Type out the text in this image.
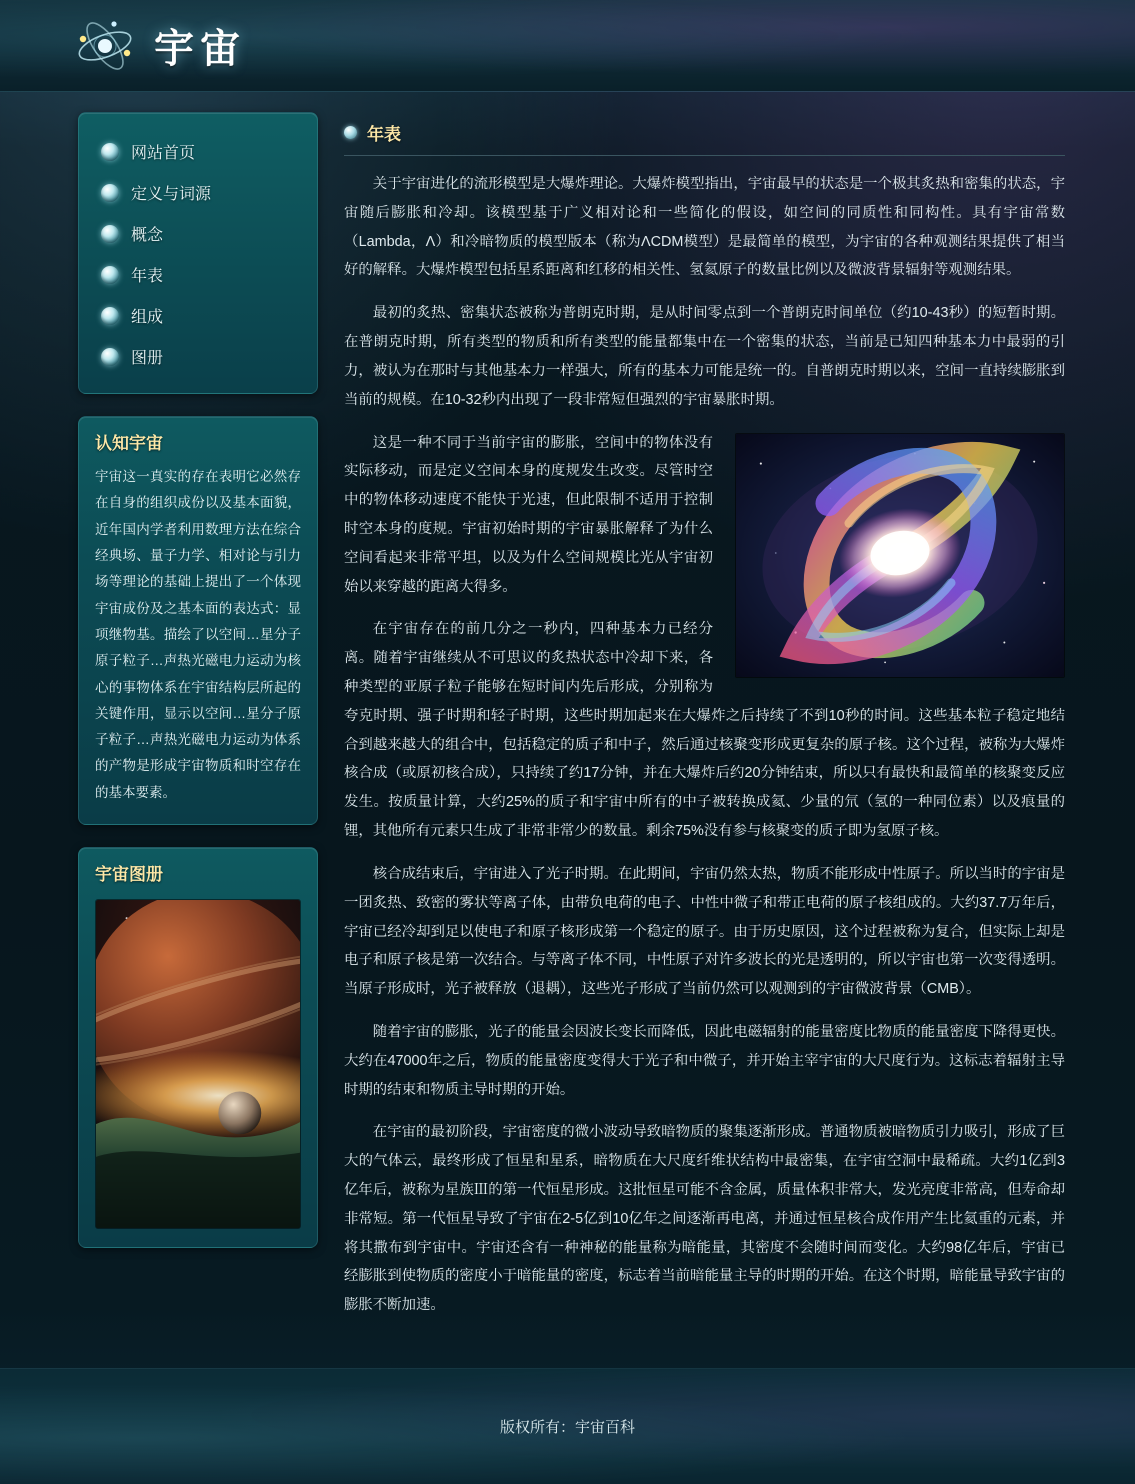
宇宙
网站首页
定义与词源
概念
年表
组成
图册
认知宇宙
宇宙这一真实的存在表明它必然存在自身的组织成份以及基本面貌，近年国内学者利用数理方法在综合经典场、量子力学、相对论与引力场等理论的基础上提出了一个体现宇宙成份及之基本面的表达式：显项继物基。描绘了以空间…星分子原子粒子…声热光磁电力运动为核心的事物体系在宇宙结构层所起的关键作用，显示以空间…星分子原子粒子…声热光磁电力运动为体系的产物是形成宇宙物质和时空存在的基本要素。
宇宙图册
年表

关于宇宙进化的流形模型是大爆炸理论。大爆炸模型指出，宇宙最早的状态是一个极其炙热和密集的状态，宇宙随后膨胀和冷却。该模型基于广义相对论和一些简化的假设，如空间的同质性和同构性。具有宇宙常数（Lambda，Λ）和冷暗物质的模型版本（称为ΛCDM模型）是最简单的模型，为宇宙的各种观测结果提供了相当好的解释。大爆炸模型包括星系距离和红移的相关性、氢氦原子的数量比例以及微波背景辐射等观测结果。

最初的炙热、密集状态被称为普朗克时期，是从时间零点到一个普朗克时间单位（约10-43秒）的短暂时期。在普朗克时期，所有类型的物质和所有类型的能量都集中在一个密集的状态，当前是已知四种基本力中最弱的引力，被认为在那时与其他基本力一样强大，所有的基本力可能是统一的。自普朗克时期以来，空间一直持续膨胀到当前的规模。在10-32秒内出现了一段非常短但强烈的宇宙暴胀时期。

这是一种不同于当前宇宙的膨胀，空间中的物体没有实际移动，而是定义空间本身的度规发生改变。尽管时空中的物体移动速度不能快于光速，但此限制不适用于控制时空本身的度规。宇宙初始时期的宇宙暴胀解释了为什么空间看起来非常平坦，以及为什么空间规模比光从宇宙初始以来穿越的距离大得多。

在宇宙存在的前几分之一秒内，四种基本力已经分离。随着宇宙继续从不可思议的炙热状态中冷却下来，各种类型的亚原子粒子能够在短时间内先后形成，分别称为夸克时期、强子时期和轻子时期，这些时期加起来在大爆炸之后持续了不到10秒的时间。这些基本粒子稳定地结合到越来越大的组合中，包括稳定的质子和中子，然后通过核聚变形成更复杂的原子核。这个过程，被称为大爆炸核合成（或原初核合成），只持续了约17分钟，并在大爆炸后约20分钟结束，所以只有最快和最简单的核聚变反应发生。按质量计算，大约25%的质子和宇宙中所有的中子被转换成氦、少量的氘（氢的一种同位素）以及痕量的锂，其他所有元素只生成了非常非常少的数量。剩余75%没有参与核聚变的质子即为氢原子核。

核合成结束后，宇宙进入了光子时期。在此期间，宇宙仍然太热，物质不能形成中性原子。所以当时的宇宙是一团炙热、致密的雾状等离子体，由带负电荷的电子、中性中微子和带正电荷的原子核组成的。大约37.7万年后，宇宙已经冷却到足以使电子和原子核形成第一个稳定的原子。由于历史原因，这个过程被称为复合，但实际上却是电子和原子核是第一次结合。与等离子体不同，中性原子对许多波长的光是透明的，所以宇宙也第一次变得透明。当原子形成时，光子被释放（退耦），这些光子形成了当前仍然可以观测到的宇宙微波背景（CMB）。

随着宇宙的膨胀，光子的能量会因波长变长而降低，因此电磁辐射的能量密度比物质的能量密度下降得更快。大约在47000年之后，物质的能量密度变得大于光子和中微子，并开始主宰宇宙的大尺度行为。这标志着辐射主导时期的结束和物质主导时期的开始。

在宇宙的最初阶段，宇宙密度的微小波动导致暗物质的聚集逐渐形成。普通物质被暗物质引力吸引，形成了巨大的气体云，最终形成了恒星和星系，暗物质在大尺度纤维状结构中最密集，在宇宙空洞中最稀疏。大约1亿到3亿年后，被称为星族Ⅲ的第一代恒星形成。这批恒星可能不含金属，质量体积非常大，发光亮度非常高，但寿命却非常短。第一代恒星导致了宇宙在2-5亿到10亿年之间逐渐再电离，并通过恒星核合成作用产生比氦重的元素，并将其撒布到宇宙中。宇宙还含有一种神秘的能量称为暗能量，其密度不会随时间而变化。大约98亿年后，宇宙已经膨胀到使物质的密度小于暗能量的密度，标志着当前暗能量主导的时期的开始。在这个时期，暗能量导致宇宙的膨胀不断加速。

版权所有：宇宙百科
